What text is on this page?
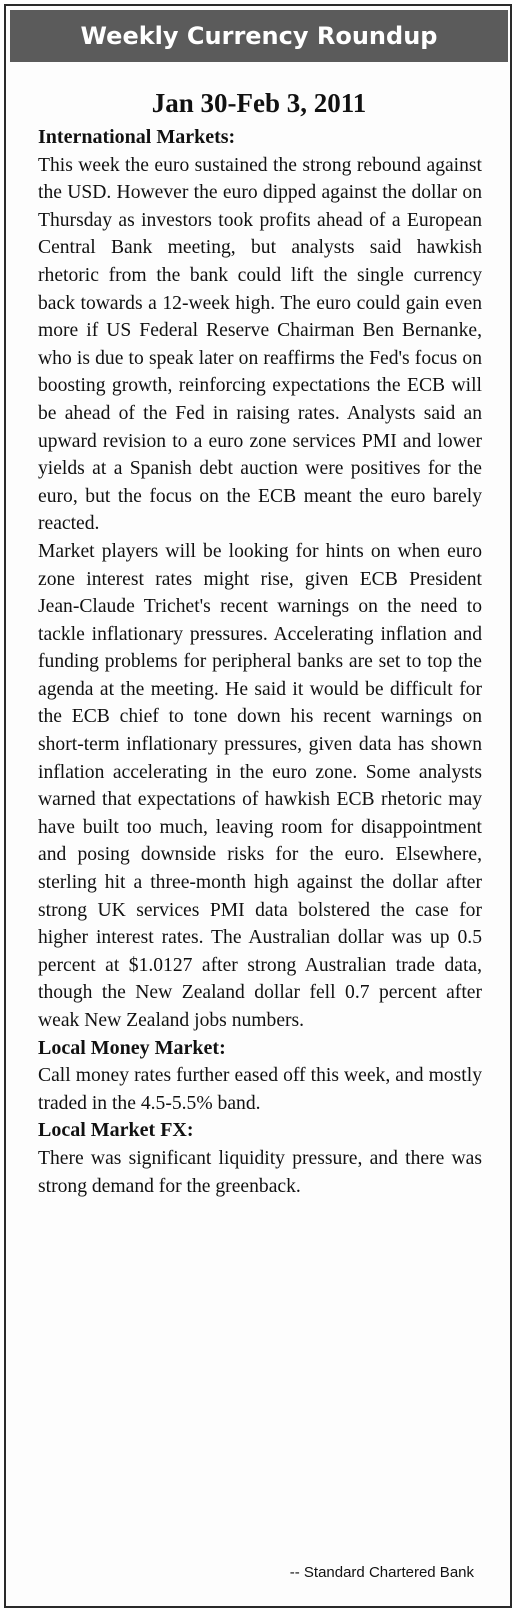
Weekly Currency Roundup
Jan 30-Feb 3, 2011
International Markets:

This week the euro sustained the strong rebound against the USD. However the euro dipped against the dollar on Thursday as investors took profits ahead of a European Central Bank meeting, but analysts said hawkish rhetoric from the bank could lift the single currency back towards a 12-week high. The euro could gain even more if US Federal Reserve Chairman Ben Bernanke, who is due to speak later on reaffirms the Fed's focus on boosting growth, reinforcing expectations the ECB will be ahead of the Fed in raising rates. Analysts said an upward revision to a euro zone services PMI and lower yields at a Spanish debt auction were positives for the euro, but the focus on the ECB meant the euro barely reacted.

Market players will be looking for hints on when euro zone interest rates might rise, given ECB President Jean-Claude Trichet's recent warnings on the need to tackle inflationary pressures. Accelerating inflation and funding problems for peripheral banks are set to top the agenda at the meeting. He said it would be difficult for the ECB chief to tone down his recent warnings on short-term inflationary pressures, given data has shown inflation accelerating in the euro zone. Some analysts warned that expectations of hawkish ECB rhetoric may have built too much, leaving room for disappointment and posing downside risks for the euro. Elsewhere, sterling hit a three-month high against the dollar after strong UK services PMI data bolstered the case for higher interest rates. The Australian dollar was up 0.5 percent at $1.0127 after strong Australian trade data, though the New Zealand dollar fell 0.7 percent after weak New Zealand jobs numbers.

Local Money Market:

Call money rates further eased off this week, and mostly traded in the 4.5-5.5% band.

Local Market FX:

There was significant liquidity pressure, and there was strong demand for the greenback.

-- Standard Chartered Bank
